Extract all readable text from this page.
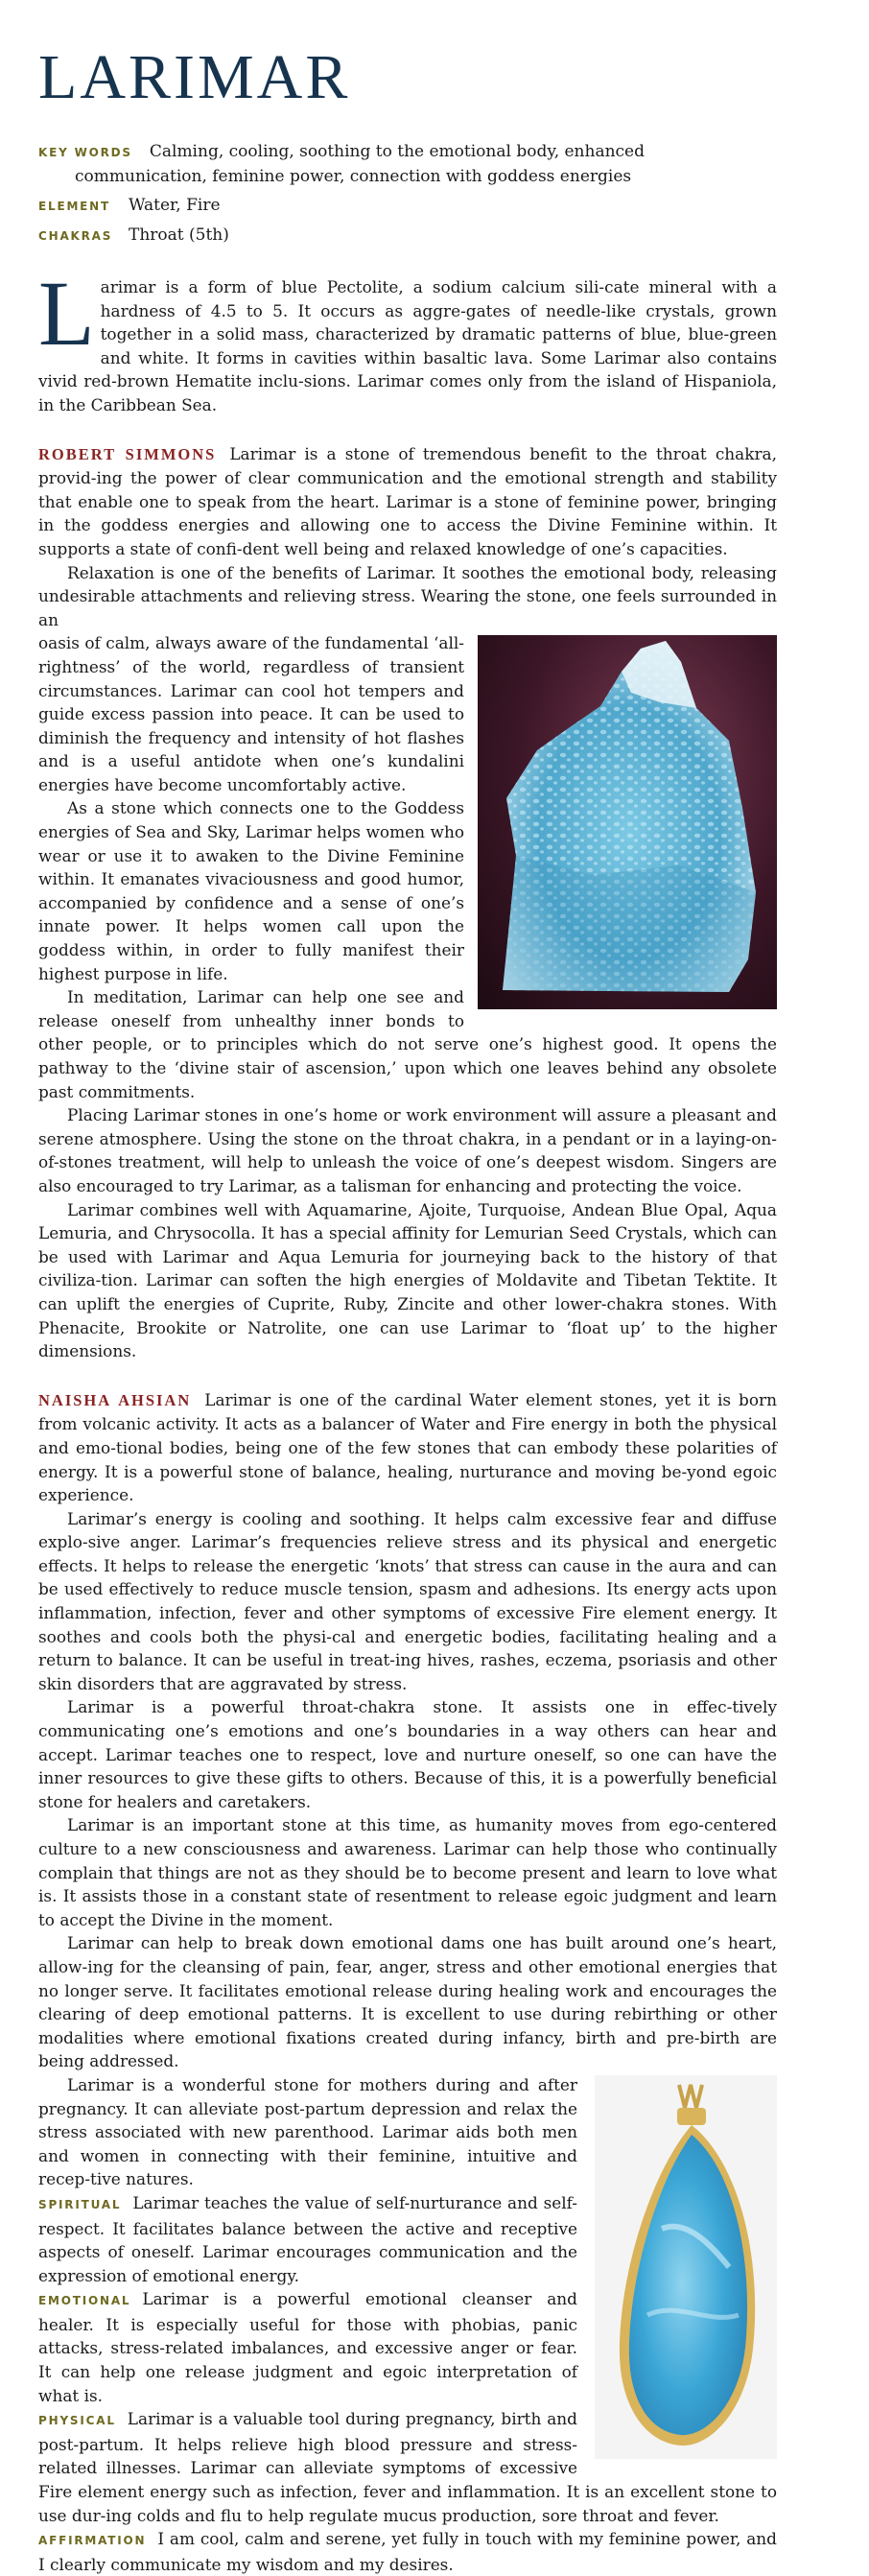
LARIMAR
KEY WORDS Calming, cooling, soothing to the emotional body, enhanced
communication, feminine power, connection with goddess energies
ELEMENT Water, Fire
CHAKRAS Throat (5th)
L arimar is a form of blue Pectolite, a sodium calcium sili-cate mineral with a hardness of 4.5 to 5. It occurs as aggre-gates of needle-like crystals, grown together in a solid mass, characterized by dramatic patterns of blue, blue-green and white. It forms in cavities within basaltic lava. Some Larimar also contains vivid red-brown Hematite inclu-sions. Larimar comes only from the island of Hispaniola, in the Caribbean Sea.

ROBERT SIMMONS Larimar is a stone of tremendous benefit to the throat chakra, provid-ing the power of clear communication and the emotional strength and stability that enable one to speak from the heart. Larimar is a stone of feminine power, bringing in the goddess energies and allowing one to access the Divine Feminine within. It supports a state of confi-dent well being and relaxed knowledge of one’s capacities.

Relaxation is one of the benefits of Larimar. It soothes the emotional body, releasing undesirable attachments and relieving stress. Wearing the stone, one feels surrounded in an

oasis of calm, always aware of the fundamental ‘all-rightness’ of the world, regardless of transient circumstances. Larimar can cool hot tempers and guide excess passion into peace. It can be used to diminish the frequency and intensity of hot flashes and is a useful antidote when one’s kundalini energies have become uncomfortably active.

As a stone which connects one to the Goddess energies of Sea and Sky, Larimar helps women who wear or use it to awaken to the Divine Feminine within. It emanates vivaciousness and good humor, accompanied by confidence and a sense of one’s innate power. It helps women call upon the goddess within, in order to fully manifest their highest purpose in life.

In meditation, Larimar can help one see and release oneself from unhealthy inner bonds to other people, or to principles which do not serve one’s highest good. It opens the pathway to the ‘divine stair of ascension,’ upon which one leaves behind any obsolete past commitments.

Placing Larimar stones in one’s home or work environment will assure a pleasant and serene atmosphere. Using the stone on the throat chakra, in a pendant or in a laying-on-of-stones treatment, will help to unleash the voice of one’s deepest wisdom. Singers are also encouraged to try Larimar, as a talisman for enhancing and protecting the voice.

Larimar combines well with Aquamarine, Ajoite, Turquoise, Andean Blue Opal, Aqua Lemuria, and Chrysocolla. It has a special affinity for Lemurian Seed Crystals, which can be used with Larimar and Aqua Lemuria for journeying back to the history of that civiliza-tion. Larimar can soften the high energies of Moldavite and Tibetan Tektite. It can uplift the energies of Cuprite, Ruby, Zincite and other lower-chakra stones. With Phenacite, Brookite or Natrolite, one can use Larimar to ‘float up’ to the higher dimensions.

NAISHA AHSIAN Larimar is one of the cardinal Water element stones, yet it is born from volcanic activity. It acts as a balancer of Water and Fire energy in both the physical and emo-tional bodies, being one of the few stones that can embody these polarities of energy. It is a powerful stone of balance, healing, nurturance and moving be-yond egoic experience.

Larimar’s energy is cooling and soothing. It helps calm excessive fear and diffuse explo-sive anger. Larimar’s frequencies relieve stress and its physical and energetic effects. It helps to release the energetic ‘knots’ that stress can cause in the aura and can be used effectively to reduce muscle tension, spasm and adhesions. Its energy acts upon inflammation, infection, fever and other symptoms of excessive Fire element energy. It soothes and cools both the physi-cal and energetic bodies, facilitating healing and a return to balance. It can be useful in treat-ing hives, rashes, eczema, psoriasis and other skin disorders that are aggravated by stress.

Larimar is a powerful throat-chakra stone. It assists one in effec-tively communicating one’s emotions and one’s boundaries in a way others can hear and accept. Larimar teaches one to respect, love and nurture oneself, so one can have the inner resources to give these gifts to others. Because of this, it is a powerfully beneficial stone for healers and caretakers.

Larimar is an important stone at this time, as humanity moves from ego-centered culture to a new consciousness and awareness. Larimar can help those who continually complain that things are not as they should be to become present and learn to love what is. It assists those in a constant state of resentment to release egoic judgment and learn to accept the Divine in the moment.

Larimar can help to break down emotional dams one has built around one’s heart, allow-ing for the cleansing of pain, fear, anger, stress and other emotional energies that no longer serve. It facilitates emotional release during healing work and encourages the clearing of deep emotional patterns. It is excellent to use during rebirthing or other modalities where emotional fixations created during infancy, birth and pre-birth are being addressed.

Larimar is a wonderful stone for mothers during and after pregnancy. It can alleviate post-partum depression and relax the stress associated with new parenthood. Larimar aids both men and women in connecting with their feminine, intuitive and recep-tive natures.

SPIRITUAL Larimar teaches the value of self-nurturance and self-respect. It facilitates balance between the active and receptive aspects of oneself. Larimar encourages communication and the expression of emotional energy.

EMOTIONAL Larimar is a powerful emotional cleanser and healer. It is especially useful for those with phobias, panic attacks, stress-related imbalances, and excessive anger or fear. It can help one release judgment and egoic interpretation of what is.

PHYSICAL Larimar is a valuable tool during pregnancy, birth and post-partum. It helps relieve high blood pressure and stress-related illnesses. Larimar can alleviate symptoms of excessive Fire element energy such as infection, fever and inflammation. It is an excellent stone to use dur-ing colds and flu to help regulate mucus production, sore throat and fever.

AFFIRMATION I am cool, calm and serene, yet fully in touch with my feminine power, and I clearly communicate my wisdom and my desires.
